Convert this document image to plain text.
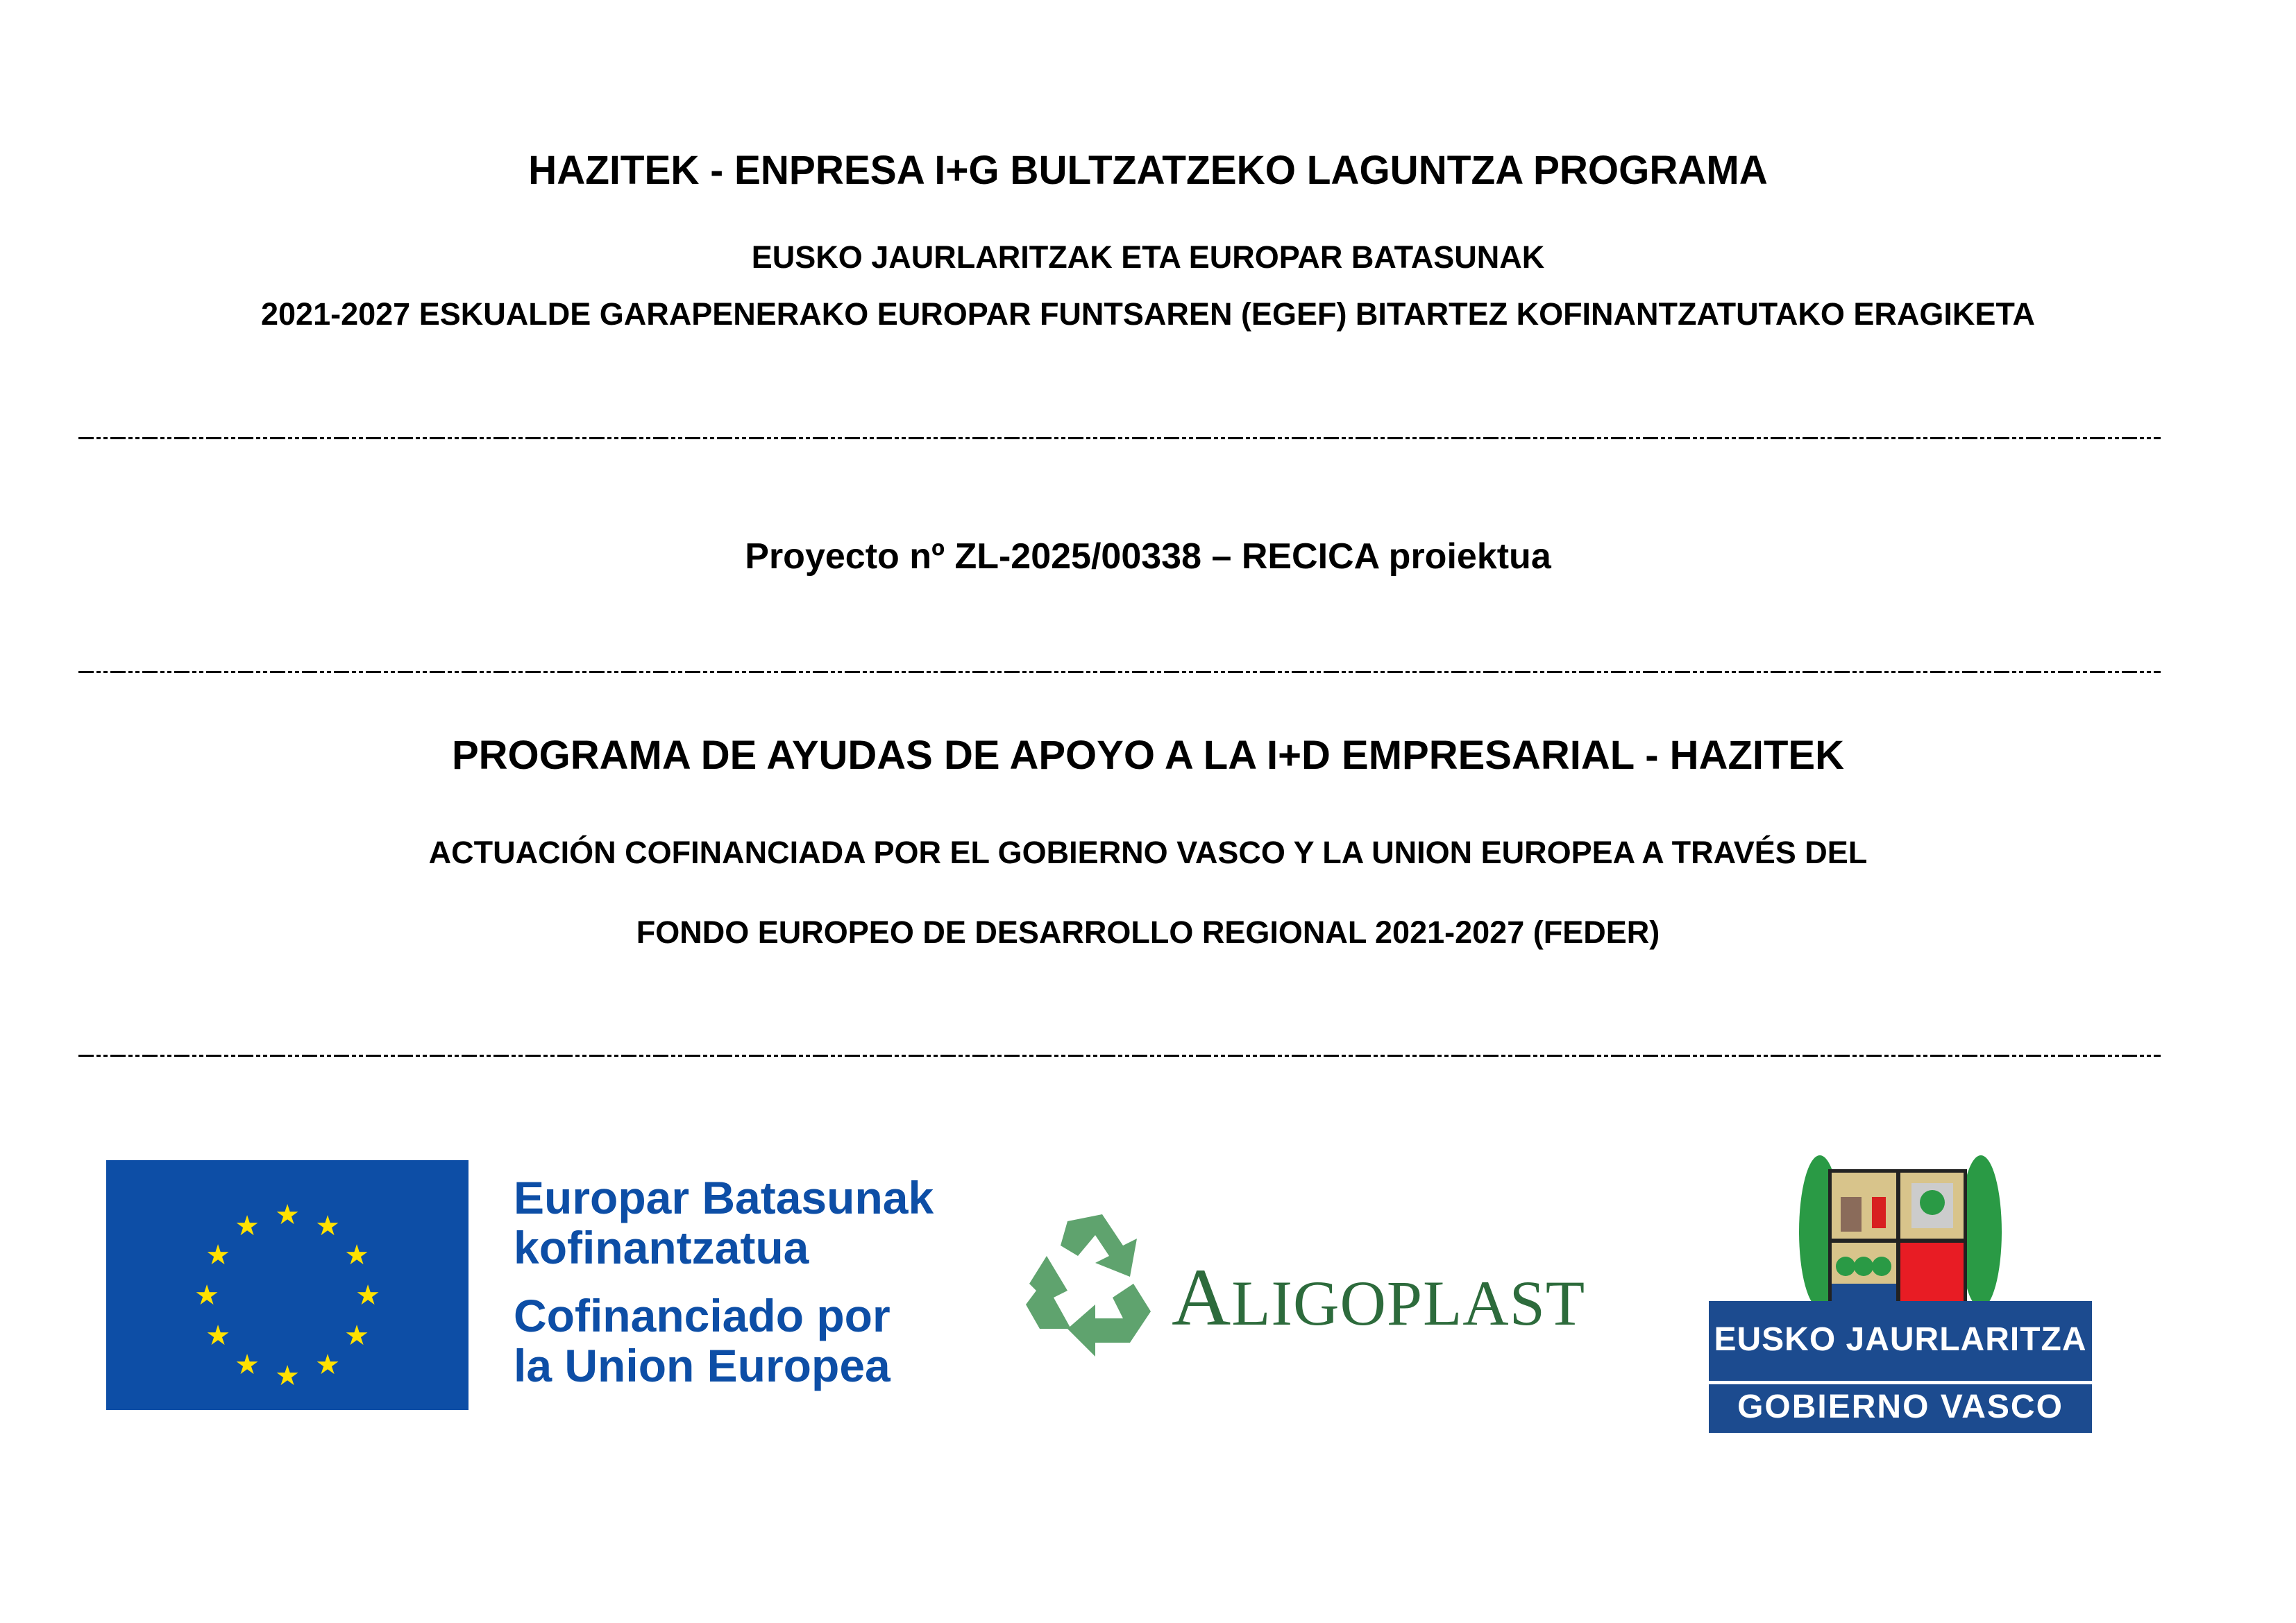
HAZITEK - ENPRESA I+G BULTZATZEKO LAGUNTZA PROGRAMA
EUSKO JAURLARITZAK ETA EUROPAR BATASUNAK
2021-2027 ESKUALDE GARAPENERAKO EUROPAR FUNTSAREN (EGEF) BITARTEZ KOFINANTZATUTAKO ERAGIKETA
Proyecto nº ZL-2025/00338 – RECICA proiektua
PROGRAMA DE AYUDAS DE APOYO A LA I+D EMPRESARIAL - HAZITEK
ACTUACIÓN COFINANCIADA POR EL GOBIERNO VASCO Y LA UNION EUROPEA A TRAVÉS DEL
FONDO EUROPEO DE DESARROLLO REGIONAL 2021-2027 (FEDER)
★
★ ★
★	★
★	★
★	★
★ ★
★
Europar Batasunak
kofinantzatua
Cofinanciado por
la Union Europea
ALIGOPLAST
EUSKO JAURLARITZA
GOBIERNO VASCO
